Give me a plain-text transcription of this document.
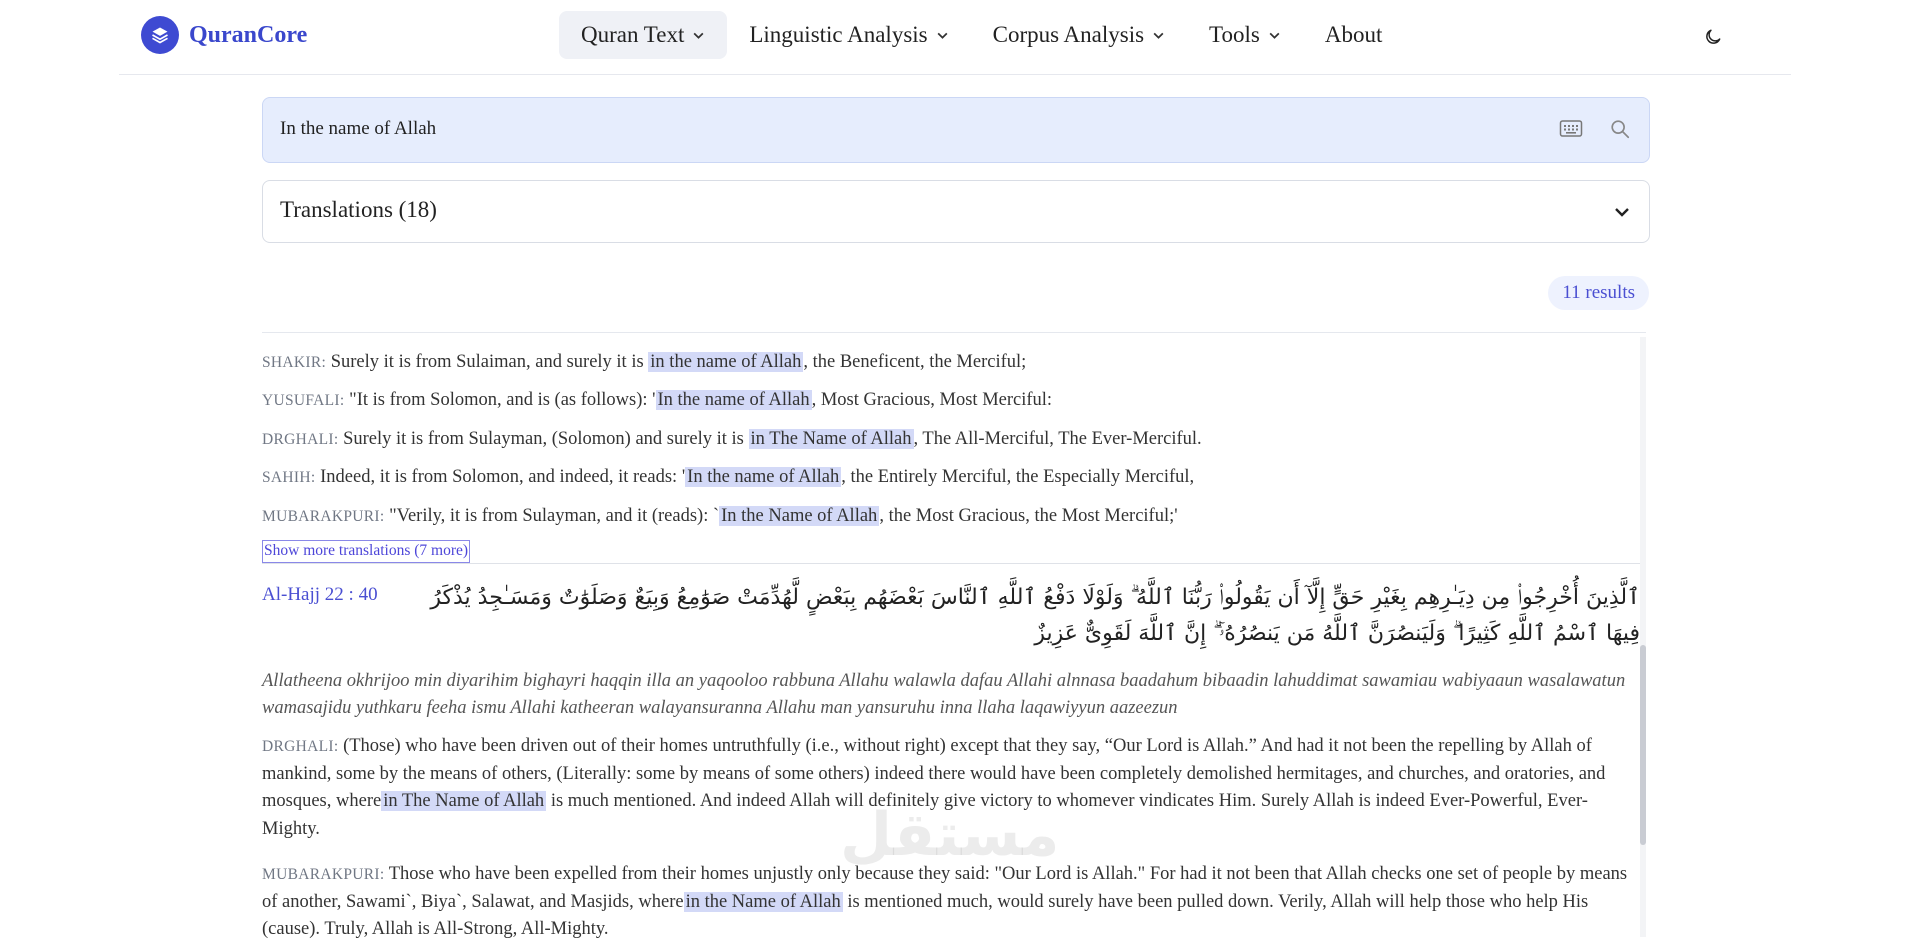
QuranCore	Quran Text	Linguistic Analysis	Corpus Analysis	Tools	About
In the name of Allah
Translations (18)
11 results
SHAKIR: Surely it is from Sulaiman, and surely it is in the name of Allah , the Beneficent, the Merciful;
YUSUFALI: "It is from Solomon, and is (as follows): ' In the name of Allah , Most Gracious, Most Merciful:
DRGHALI: Surely it is from Sulayman, (Solomon) and surely it is in The Name of Allah , The All-Merciful, The Ever-Merciful.
SAHIH: Indeed, it is from Solomon, and indeed, it reads: ' In the name of Allah , the Entirely Merciful, the Especially Merciful,
MUBARAKPURI: "Verily, it is from Sulayman, and it (reads): ` In the Name of Allah , the Most Gracious, the Most Merciful;'
Show more translations (7 more)
Al-Hajj 22 : 40	ٱلَّذِينَ أُخْرِجُوا۟ مِن دِيَـٰرِهِم بِغَيْرِ حَقٍّ إِلَّآ أَن يَقُولُوا۟ رَبُّنَا ٱللَّهُ ۗ وَلَوْلَا دَفْعُ ٱللَّهِ ٱلنَّاسَ بَعْضَهُم بِبَعْضٍ لَّهُدِّمَتْ صَوَٰمِعُ وَبِيَعٌ وَصَلَوَٰتٌ وَمَسَـٰجِدُ يُذْكَرُ فِيهَا ٱسْمُ ٱللَّهِ كَثِيرًا ۗ وَلَيَنصُرَنَّ ٱللَّهُ مَن يَنصُرُهُۥٓ ۗ إِنَّ ٱللَّهَ لَقَوِىٌّ عَزِيزٌ
Allatheena okhrijoo min diyarihim bighayri haqqin illa an yaqooloo rabbuna Allahu walawla dafau Allahi alnnasa baadahum bibaadin lahuddimat sawamiau wabiyaaun wasalawatun wamasajidu yuthkaru feeha ismu Allahi katheeran walayansuranna Allahu man yansuruhu inna llaha laqawiyyun aazeezun
DRGHALI: (Those) who have been driven out of their homes untruthfully (i.e., without right) except that they say, “Our Lord is Allah.” And had it not been the repelling by Allah of mankind, some by the means of others, (Literally: some by means of some others) indeed there would have been completely demolished hermitages, and churches, and oratories, and mosques, where in The Name of Allah is much mentioned. And indeed Allah will definitely give victory to whomever vindicates Him. Surely Allah is indeed Ever-Powerful, Ever-Mighty.
MUBARAKPURI: Those who have been expelled from their homes unjustly only because they said: "Our Lord is Allah." For had it not been that Allah checks one set of people by means of another, Sawami`, Biya`, Salawat, and Masjids, where in the Name of Allah is mentioned much, would surely have been pulled down. Verily, Allah will help those who help His (cause). Truly, Allah is All-Strong, All-Mighty.
مستقل
